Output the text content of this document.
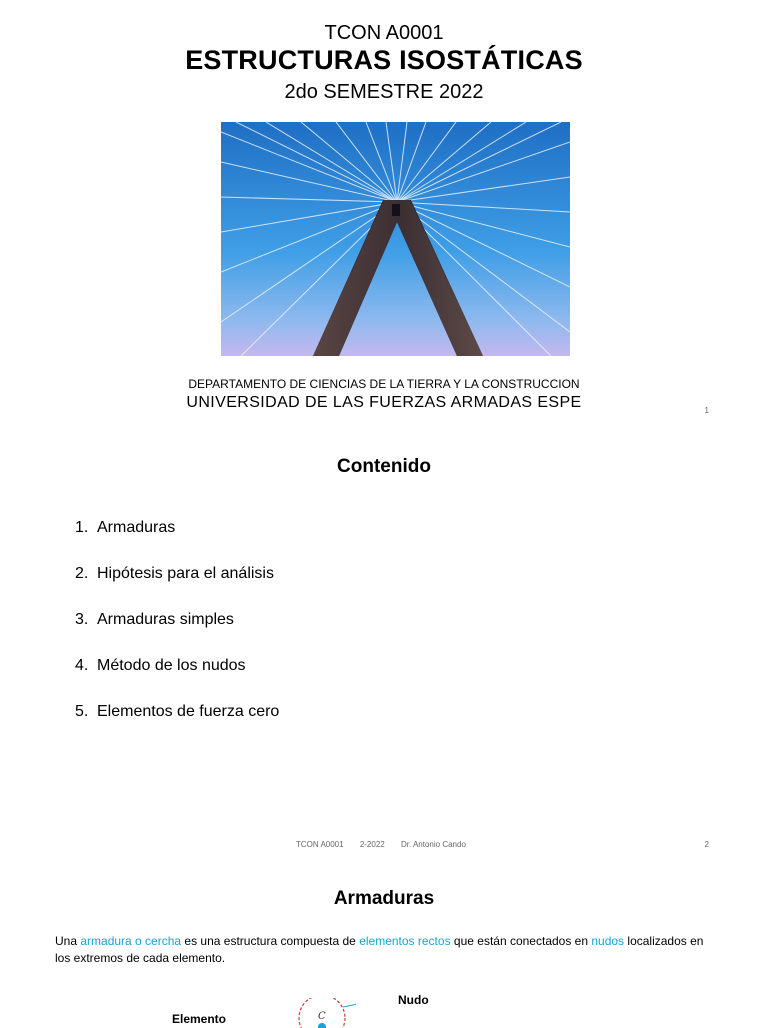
TCON A0001
ESTRUCTURAS ISOSTÁTICAS
2do SEMESTRE 2022
DEPARTAMENTO DE CIENCIAS DE LA TIERRA Y LA CONSTRUCCION
UNIVERSIDAD DE LAS FUERZAS ARMADAS ESPE	1
Contenido
1. Armaduras
2. Hipótesis para el análisis
3. Armaduras simples
4. Método de los nudos
5. Elementos de fuerza cero
TCON A0001 2-2022 Dr. Antonio Cando	2
Armaduras
Una armadura o cercha es una estructura compuesta de elementos rectos que están conectados en nudos localizados en los extremos de cada elemento.
Nudo
Elemento	C
